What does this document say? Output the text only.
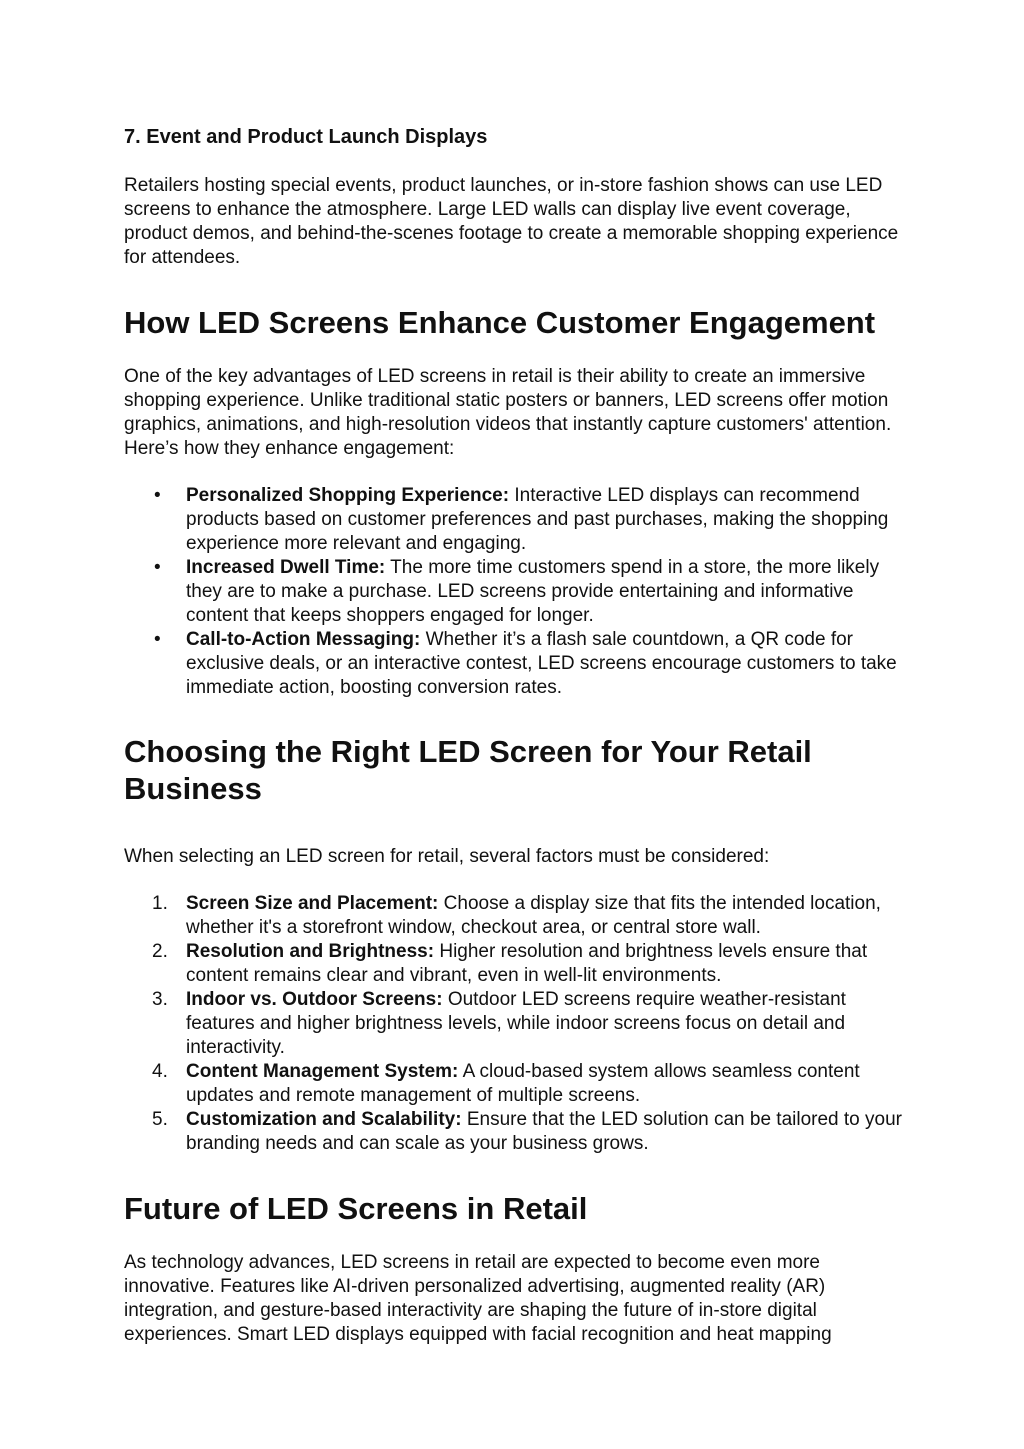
7. Event and Product Launch Displays

Retailers hosting special events, product launches, or in-store fashion shows can use LED screens to enhance the atmosphere. Large LED walls can display live event coverage, product demos, and behind-the-scenes footage to create a memorable shopping experience for attendees.

How LED Screens Enhance Customer Engagement

One of the key advantages of LED screens in retail is their ability to create an immersive shopping experience. Unlike traditional static posters or banners, LED screens offer motion graphics, animations, and high-resolution videos that instantly capture customers' attention. Here’s how they enhance engagement:

• Personalized Shopping Experience: Interactive LED displays can recommend products based on customer preferences and past purchases, making the shopping experience more relevant and engaging.
• Increased Dwell Time: The more time customers spend in a store, the more likely they are to make a purchase. LED screens provide entertaining and informative content that keeps shoppers engaged for longer.
• Call-to-Action Messaging: Whether it’s a flash sale countdown, a QR code for exclusive deals, or an interactive contest, LED screens encourage customers to take immediate action, boosting conversion rates.
Choosing the Right LED Screen for Your Retail
Business

When selecting an LED screen for retail, several factors must be considered:

1. Screen Size and Placement: Choose a display size that fits the intended location, whether it's a storefront window, checkout area, or central store wall.
2. Resolution and Brightness: Higher resolution and brightness levels ensure that content remains clear and vibrant, even in well-lit environments.
3. Indoor vs. Outdoor Screens: Outdoor LED screens require weather-resistant features and higher brightness levels, while indoor screens focus on detail and interactivity.
4. Content Management System: A cloud-based system allows seamless content updates and remote management of multiple screens.
5. Customization and Scalability: Ensure that the LED solution can be tailored to your branding needs and can scale as your business grows.
Future of LED Screens in Retail

As technology advances, LED screens in retail are expected to become even more innovative. Features like AI-driven personalized advertising, augmented reality (AR) integration, and gesture-based interactivity are shaping the future of in-store digital experiences. Smart LED displays equipped with facial recognition and heat mapping
